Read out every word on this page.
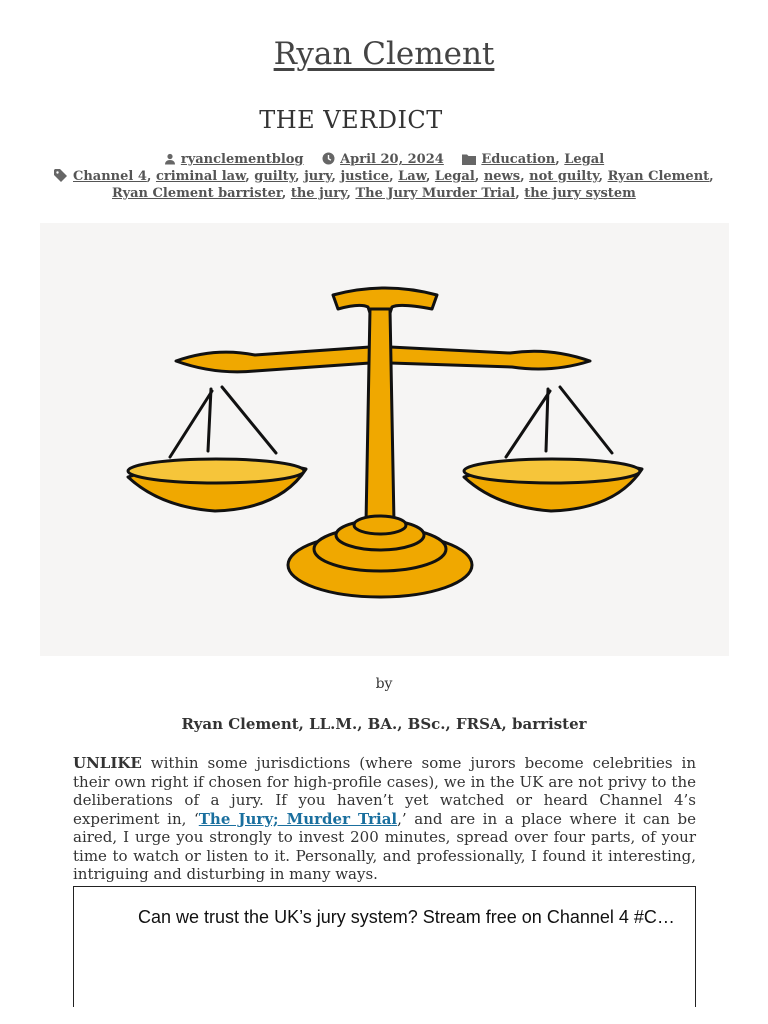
Ryan Clement
THE VERDICT
ryanclementblog	April 20, 2024	Education, Legal
Channel 4, criminal law, guilty, jury, justice, Law, Legal, news, not guilty, Ryan Clement,
Ryan Clement barrister, the jury, The Jury Murder Trial, the jury system
by
Ryan Clement, LL.M., BA., BSc., FRSA, barrister

UNLIKE within some jurisdictions (where some jurors become celebrities in their own right if chosen for high-profile cases), we in the UK are not privy to the deliberations of a jury. If you haven’t yet watched or heard Channel 4’s experiment in, ‘The Jury; Murder Trial,’ and are in a place where it can be aired, I urge you strongly to invest 200 minutes, spread over four parts, of your time to watch or listen to it. Personally, and professionally, I found it interesting, intriguing and disturbing in many ways.

Can we trust the UK’s jury system? Stream free on Channel 4 #C…
